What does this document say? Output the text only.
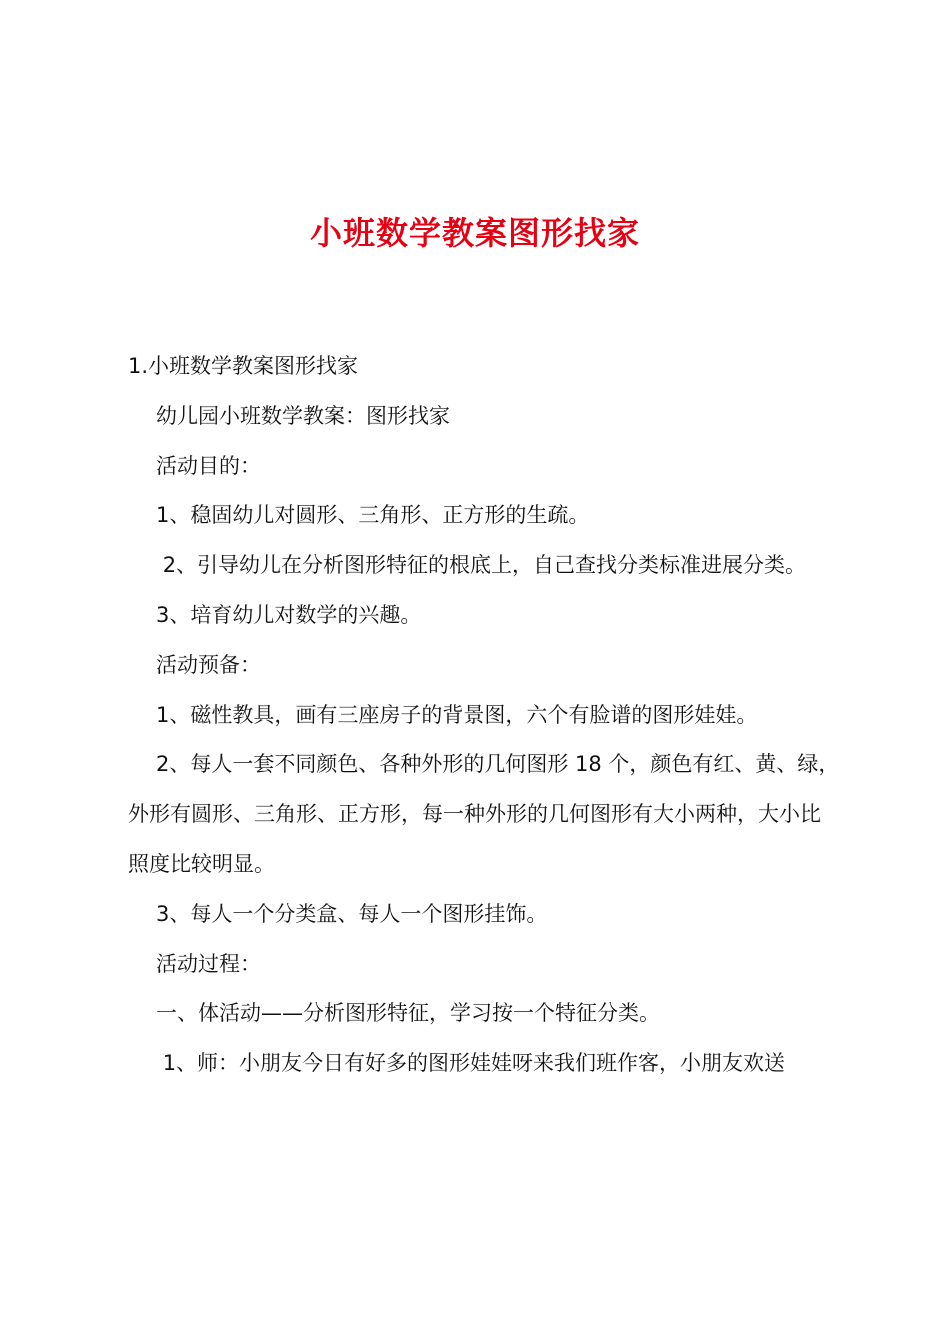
小班数学教案图形找家

1.小班数学教案图形找家

幼儿园小班数学教案：图形找家

活动目的：

1、稳固幼儿对圆形、三角形、正方形的生疏。

2、引导幼儿在分析图形特征的根底上，自己查找分类标准进展分类。

3、培育幼儿对数学的兴趣。

活动预备：

1、磁性教具，画有三座房子的背景图，六个有脸谱的图形娃娃。

2、每人一套不同颜色、各种外形的几何图形 18 个，颜色有红、黄、绿，外形有圆形、三角形、正方形，每一种外形的几何图形有大小两种，大小比照度比较明显。

3、每人一个分类盒、每人一个图形挂饰。

活动过程：

一、体活动——分析图形特征，学习按一个特征分类。

1、师：小朋友今日有好多的图形娃娃呀来我们班作客，小朋友欢送
